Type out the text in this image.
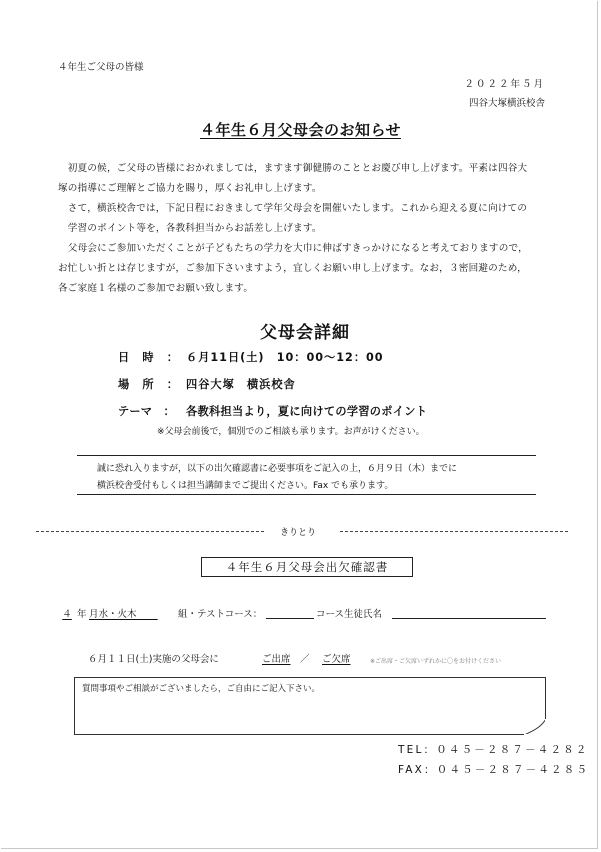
４年生ご父母の皆様
２０２２年５月
四谷大塚横浜校舎
４年生６月父母会のお知らせ
　初夏の候，ご父母の皆様におかれましては，ますます御健勝のこととお慶び申し上げます。平素は四谷大
塚の指導にご理解とご協力を賜り，厚くお礼申し上げます。
　さて，横浜校舎では，下記日程におきまして学年父母会を開催いたします。これから迎える夏に向けての
　学習のポイント等を，各教科担当からお話差し上げます。
　父母会にご参加いただくことが子どもたちの学力を大巾に伸ばすきっかけになると考えておりますので，
お忙しい折とは存じますが，ご参加下さいますよう，宜しくお願い申し上げます。なお，３密回避のため，
各ご家庭１名様のご参加でお願い致します。
父母会詳細
日　時　： ６月11日(土)　10：00～12：00
場　所　： 四谷大塚　横浜校舎
テーマ　： 各教科担当より，夏に向けての学習のポイント
※父母会前後で，個別でのご相談も承ります。お声がけください。
誠に恐れ入りますが，以下の出欠確認書に必要事項をご記入の上，６月９日（木）までに
横浜校舎受付もしくは担当講師までご提出ください。Fax でも承ります。
きりとり
４年生６月父母会出欠確認書
４ 年 月水・火木	組・テストコース：	コース 生徒氏名
６月１１日(土)実施の父母会に	ご出席 ／ ご欠席	※ご出席・ご欠席いずれかに〇をお付けください
質問事項やご相談がございましたら，ご自由にご記入下さい。
TEL：０４５－２８７－４２８２
FAX：０４５－２８７－４２８５
